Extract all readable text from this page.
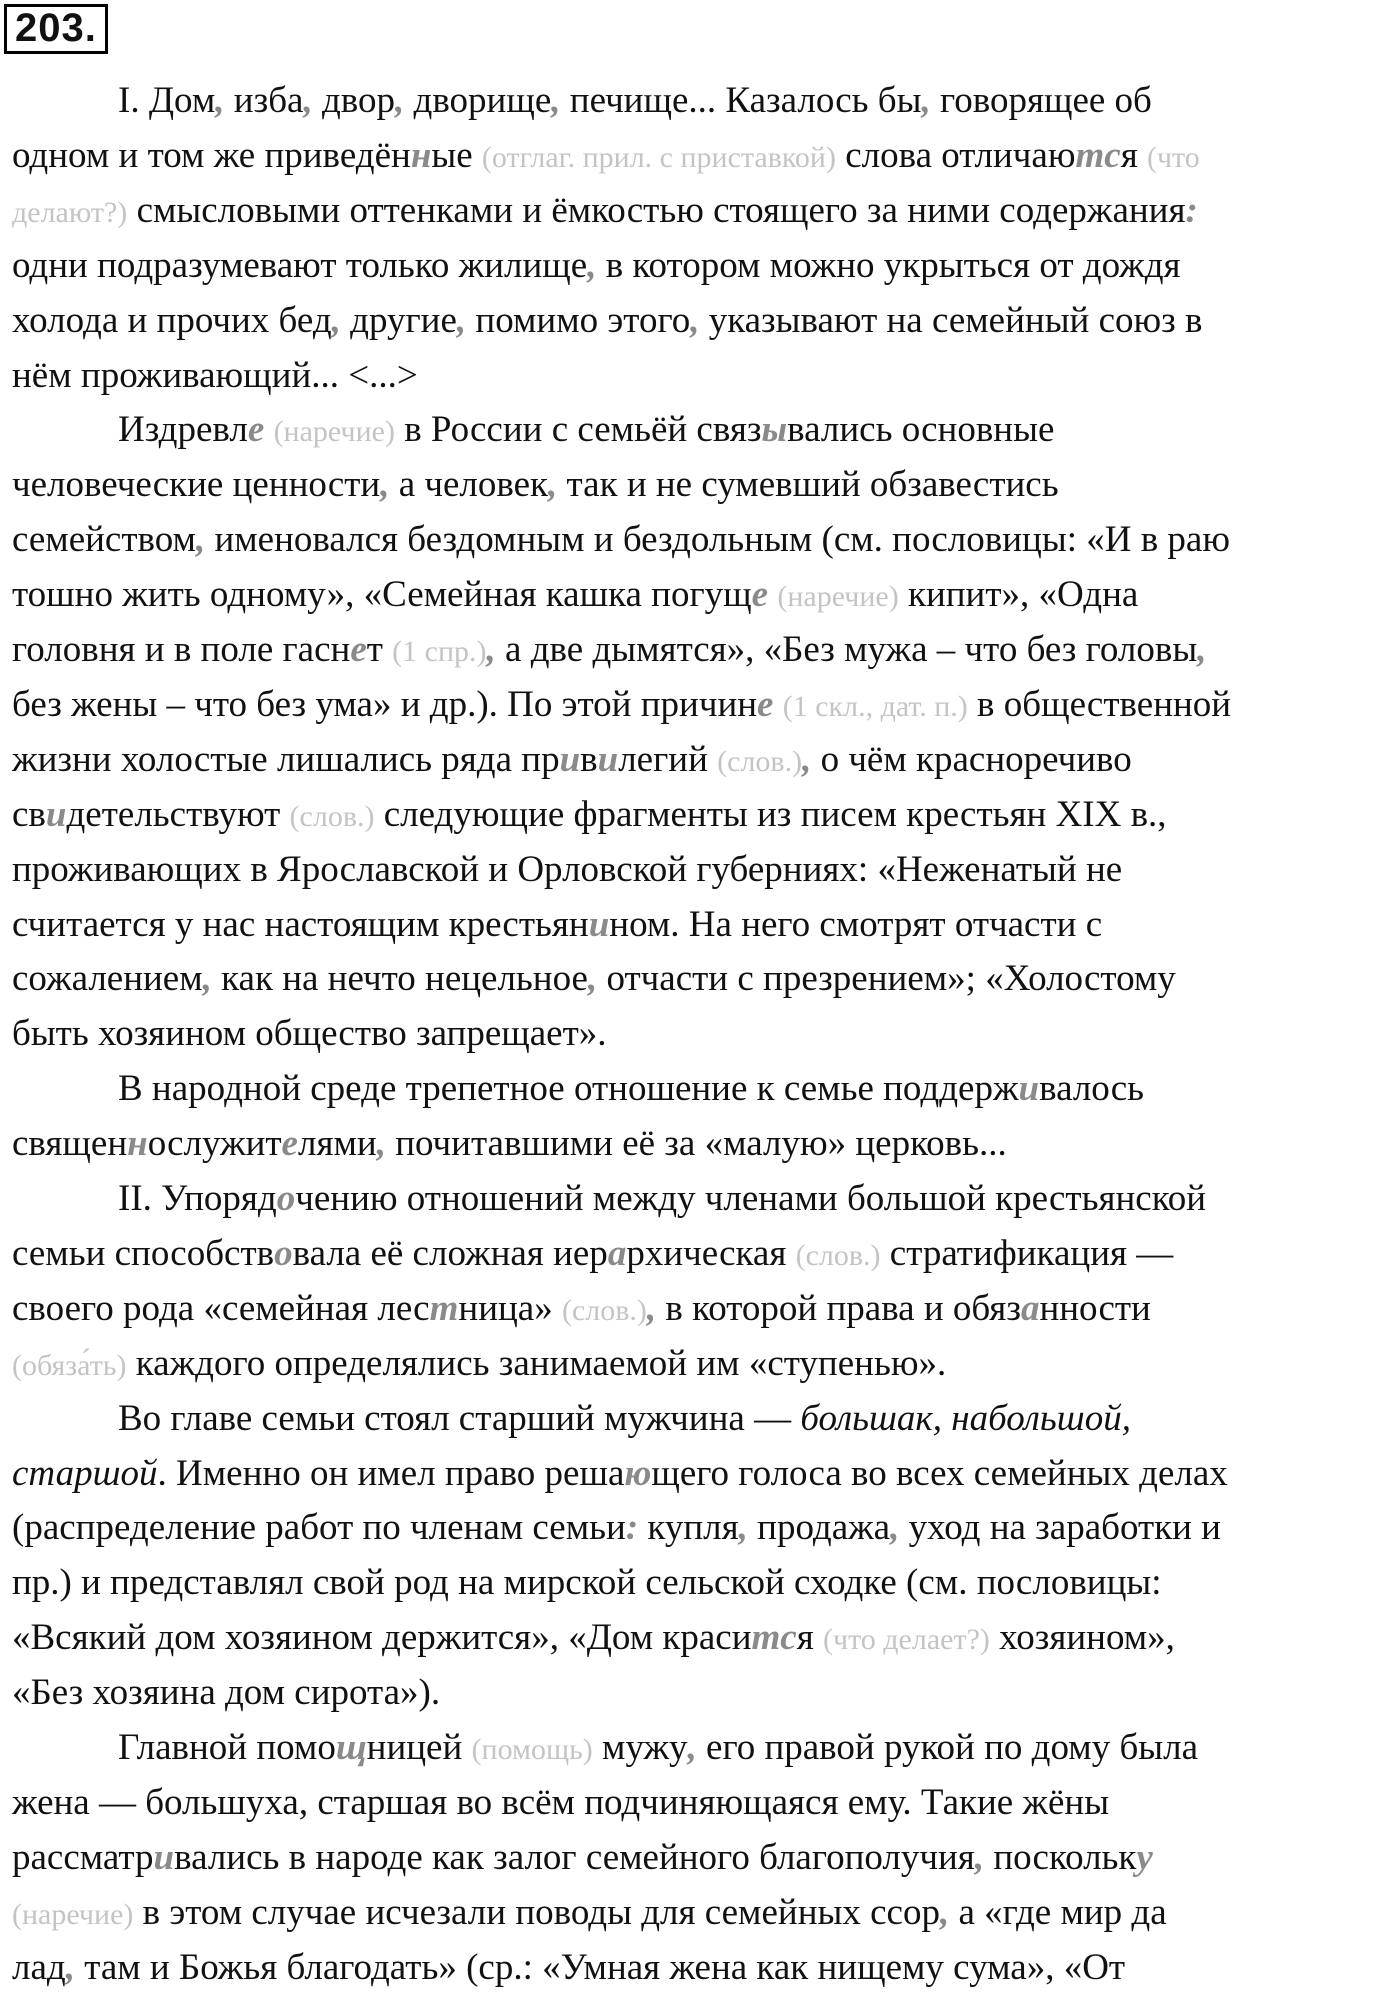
203.
I. Дом, изба, двор, дворище, печище... Казалось бы, говорящее об
одном и том же приведённые (отглаг. прил. с приставкой) слова отличаются (что
делают?) смысловыми оттенками и ёмкостью стоящего за ними содержания:
одни подразумевают только жилище, в котором можно укрыться от дождя
холода и прочих бед, другие, помимо этого, указывают на семейный союз в
нём проживающий... <...>
Издревле (наречие) в России с семьёй связывались основные
человеческие ценности, а человек, так и не сумевший обзавестись
семейством, именовался бездомным и бездольным (см. пословицы: «И в раю
тошно жить одному», «Семейная кашка погуще (наречие) кипит», «Одна
головня и в поле гаснет (1 спр.), а две дымятся», «Без мужа – что без головы,
без жены – что без ума» и др.). По этой причине (1 скл., дат. п.) в общественной
жизни холостые лишались ряда привилегий (слов.), о чём красноречиво
свидетельствуют (слов.) следующие фрагменты из писем крестьян XIX в.,
проживающих в Ярославской и Орловской губерниях: «Неженатый не
считается у нас настоящим крестьянином. На него смотрят отчасти с
сожалением, как на нечто нецельное, отчасти с презрением»; «Холостому
быть хозяином общество запрещает».
В народной среде трепетное отношение к семье поддерживалось
священнослужителями, почитавшими её за «малую» церковь...
II. Упорядочению отношений между членами большой крестьянской
семьи способствовала её сложная иерархическая (слов.) стратификация —
своего рода «семейная лестница» (слов.), в которой права и обязанности
(обяза́ть) каждого определялись занимаемой им «ступенью».
Во главе семьи стоял старший мужчина — большак, набольшой,
старшой. Именно он имел право решающего голоса во всех семейных делах
(распределение работ по членам семьи: купля, продажа, уход на заработки и
пр.) и представлял свой род на мирской сельской сходке (см. пословицы:
«Всякий дом хозяином держится», «Дом красится (что делает?) хозяином»,
«Без хозяина дом сирота»).
Главной помощницей (помощь) мужу, его правой рукой по дому была
жена — большуха, старшая во всём подчиняющаяся ему. Такие жёны
рассматривались в народе как залог семейного благополучия, поскольку
(наречие) в этом случае исчезали поводы для семейных ссор, а «где мир да
лад, там и Божья благодать» (ср.: «Умная жена как нищему сума», «От
